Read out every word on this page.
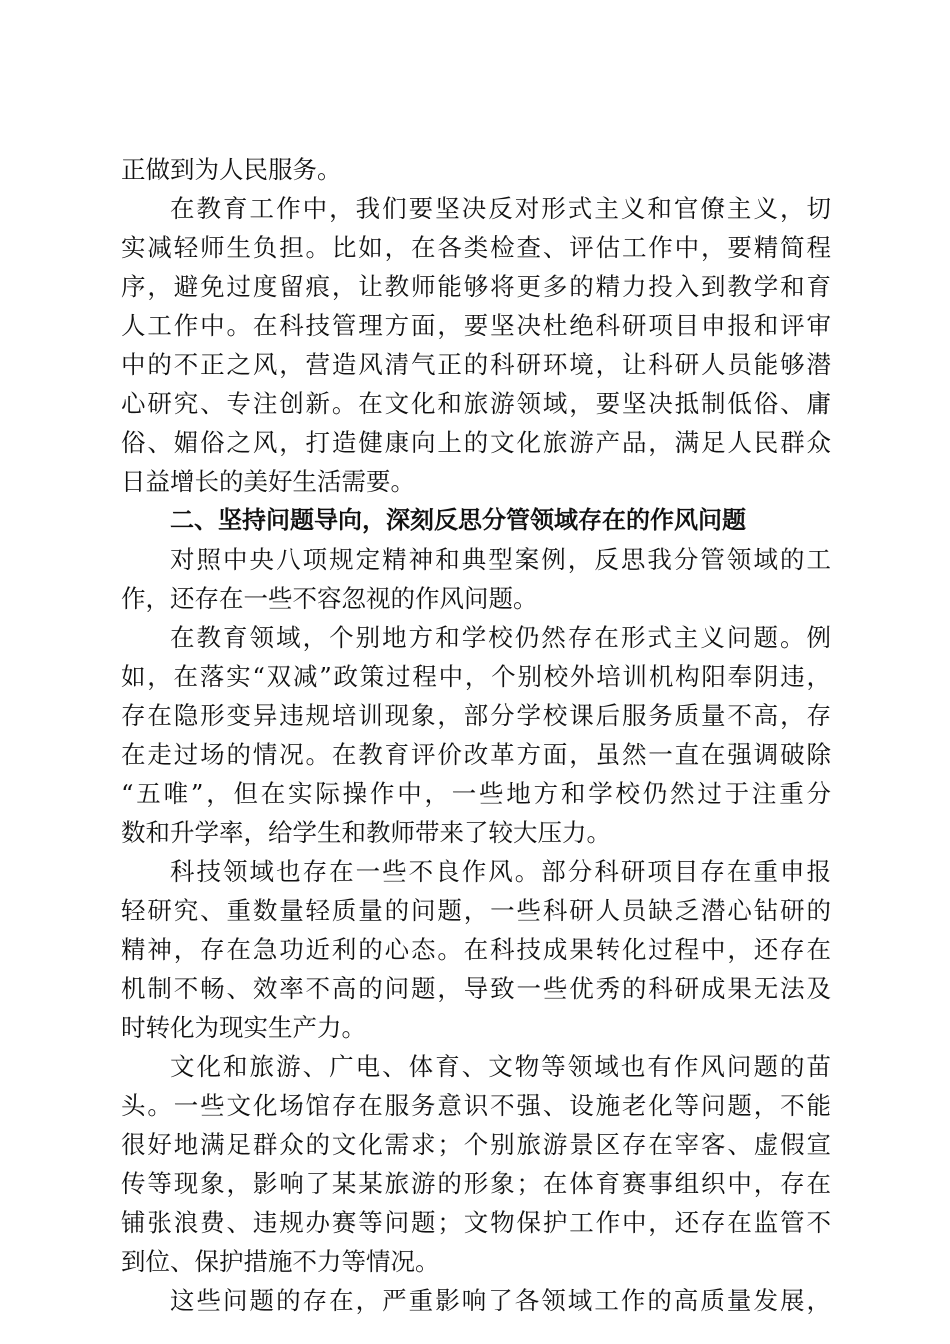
正做到为人民服务。
在教育工作中，我们要坚决反对形式主义和官僚主义，切
实减轻师生负担。比如，在各类检查、评估工作中，要精简程
序，避免过度留痕，让教师能够将更多的精力投入到教学和育
人工作中。在科技管理方面，要坚决杜绝科研项目申报和评审
中的不正之风，营造风清气正的科研环境，让科研人员能够潜
心研究、专注创新。在文化和旅游领域，要坚决抵制低俗、庸
俗、媚俗之风，打造健康向上的文化旅游产品，满足人民群众
日益增长的美好生活需要。
二、坚持问题导向，深刻反思分管领域存在的作风问题
对照中央八项规定精神和典型案例，反思我分管领域的工
作，还存在一些不容忽视的作风问题。
在教育领域，个别地方和学校仍然存在形式主义问题。例
如，在落实“双减”政策过程中，个别校外培训机构阳奉阴违，
存在隐形变异违规培训现象，部分学校课后服务质量不高，存
在走过场的情况。在教育评价改革方面，虽然一直在强调破除
“五唯”，但在实际操作中，一些地方和学校仍然过于注重分
数和升学率，给学生和教师带来了较大压力。
科技领域也存在一些不良作风。部分科研项目存在重申报
轻研究、重数量轻质量的问题，一些科研人员缺乏潜心钻研的
精神，存在急功近利的心态。在科技成果转化过程中，还存在
机制不畅、效率不高的问题，导致一些优秀的科研成果无法及
时转化为现实生产力。
文化和旅游、广电、体育、文物等领域也有作风问题的苗
头。一些文化场馆存在服务意识不强、设施老化等问题，不能
很好地满足群众的文化需求；个别旅游景区存在宰客、虚假宣
传等现象，影响了某某旅游的形象；在体育赛事组织中，存在
铺张浪费、违规办赛等问题；文物保护工作中，还存在监管不
到位、保护措施不力等情况。
这些问题的存在，严重影响了各领域工作的高质量发展，
